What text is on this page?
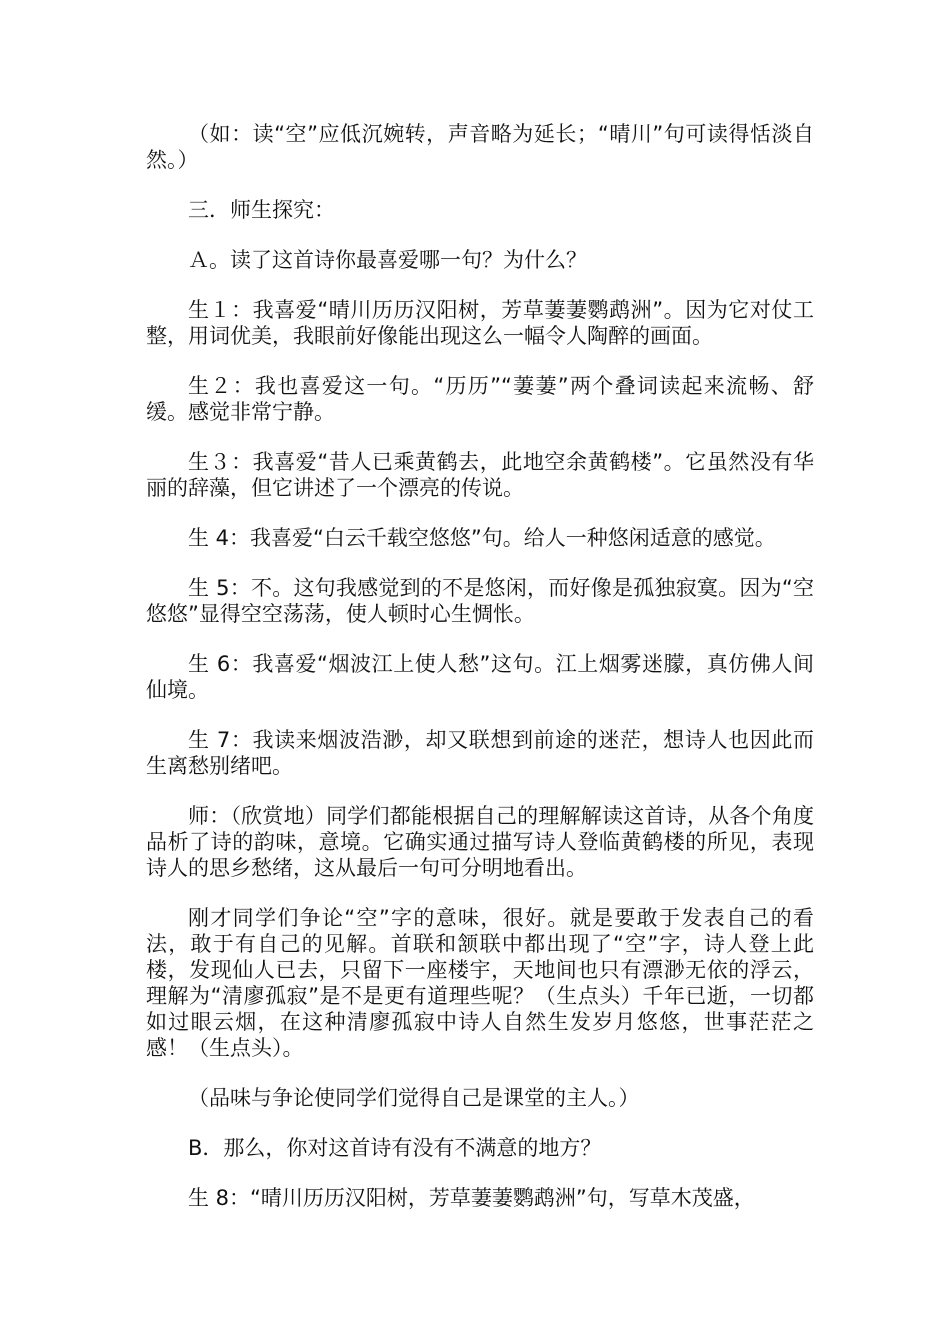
（如：读“空”应低沉婉转，声音略为延长；“晴川”句可读得恬淡自然。）

三．师生探究：

Ａ。读了这首诗你最喜爱哪一句？为什么？

生１：我喜爱“晴川历历汉阳树，芳草萋萋鹦鹉洲”。因为它对仗工整，用词优美，我眼前好像能出现这么一幅令人陶醉的画面。

生２：我也喜爱这一句。“历历”“萋萋”两个叠词读起来流畅、舒缓。感觉非常宁静。

生３：我喜爱“昔人已乘黄鹤去，此地空余黄鹤楼”。它虽然没有华丽的辞藻，但它讲述了一个漂亮的传说。

生 4：我喜爱“白云千载空悠悠”句。给人一种悠闲适意的感觉。

生 5：不。这句我感觉到的不是悠闲，而好像是孤独寂寞。因为“空悠悠”显得空空荡荡，使人顿时心生惆怅。

生 6：我喜爱“烟波江上使人愁”这句。江上烟雾迷朦，真仿佛人间仙境。

生 7：我读来烟波浩渺，却又联想到前途的迷茫，想诗人也因此而生离愁别绪吧。

师：（欣赏地）同学们都能根据自己的理解解读这首诗，从各个角度品析了诗的韵味，意境。它确实通过描写诗人登临黄鹤楼的所见，表现诗人的思乡愁绪，这从最后一句可分明地看出。

刚才同学们争论“空”字的意味，很好。就是要敢于发表自己的看法，敢于有自己的见解。首联和颔联中都出现了“空”字，诗人登上此楼，发现仙人已去，只留下一座楼宇，天地间也只有漂渺无依的浮云，理解为“清廖孤寂”是不是更有道理些呢？（生点头）千年已逝，一切都如过眼云烟，在这种清廖孤寂中诗人自然生发岁月悠悠，世事茫茫之感！（生点头）。

（品味与争论使同学们觉得自己是课堂的主人。）

B．那么，你对这首诗有没有不满意的地方？

生 8：“晴川历历汉阳树，芳草萋萋鹦鹉洲”句，写草木茂盛，
